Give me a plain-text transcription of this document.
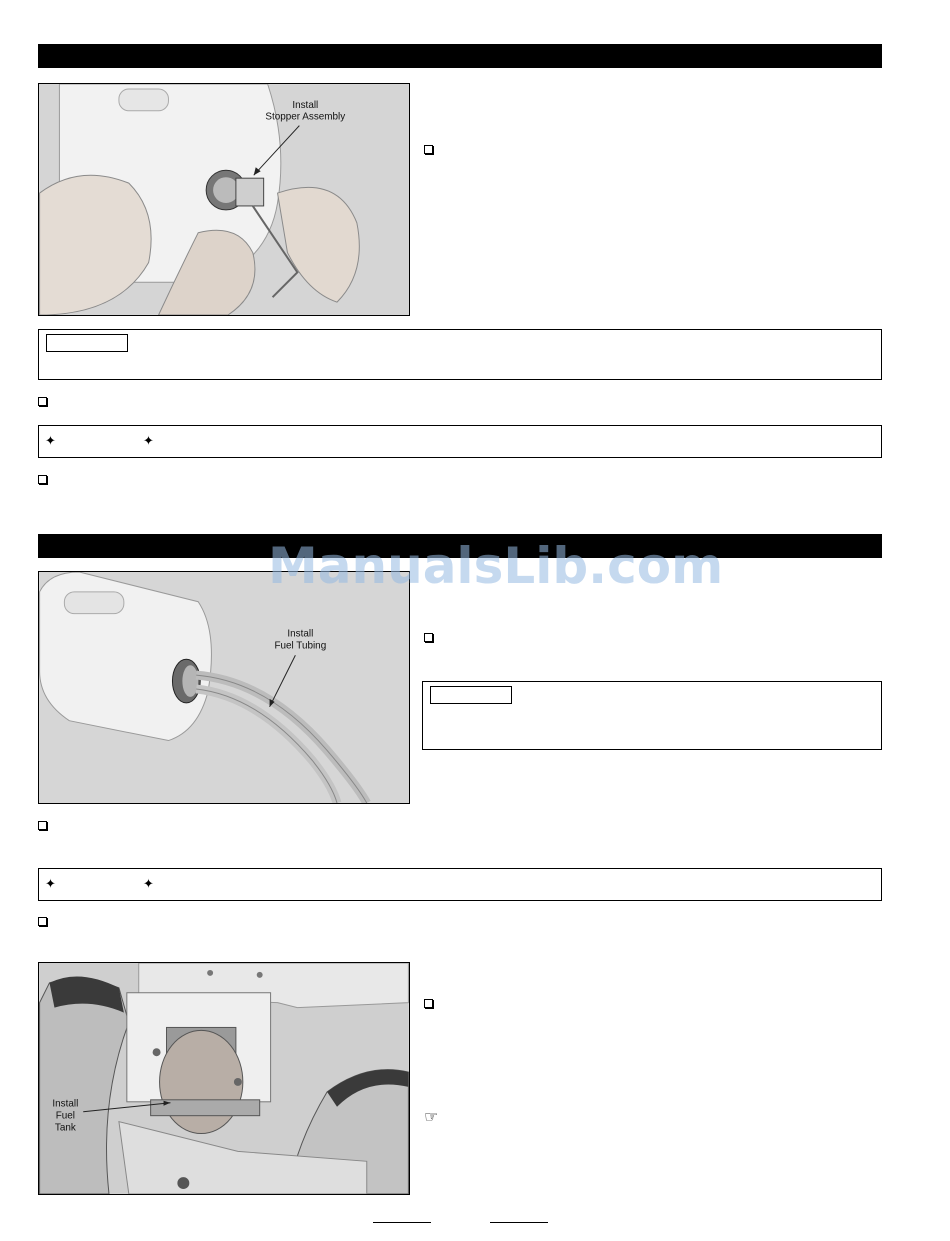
Install
Stopper Assembly
✦	✦
Install
Fuel Tubing
✦	✦
Install
Fuel
Tank
☞
ManualsLib.com
